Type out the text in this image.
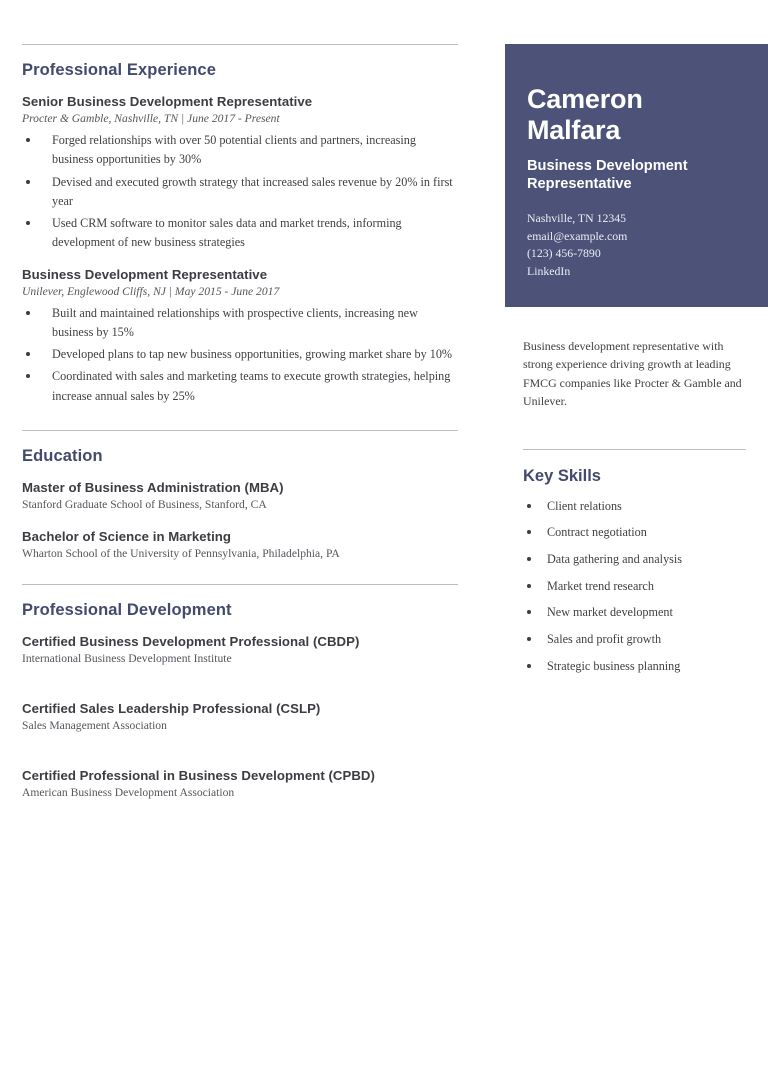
Professional Experience
Senior Business Development Representative
Procter & Gamble, Nashville, TN | June 2017 - Present
Forged relationships with over 50 potential clients and partners, increasing business opportunities by 30%
Devised and executed growth strategy that increased sales revenue by 20% in first year
Used CRM software to monitor sales data and market trends, informing development of new business strategies
Business Development Representative
Unilever, Englewood Cliffs, NJ | May 2015 - June 2017
Built and maintained relationships with prospective clients, increasing new business by 15%
Developed plans to tap new business opportunities, growing market share by 10%
Coordinated with sales and marketing teams to execute growth strategies, helping increase annual sales by 25%
Education
Master of Business Administration (MBA)
Stanford Graduate School of Business, Stanford, CA
Bachelor of Science in Marketing
Wharton School of the University of Pennsylvania, Philadelphia, PA
Professional Development
Certified Business Development Professional (CBDP)
International Business Development Institute
Certified Sales Leadership Professional (CSLP)
Sales Management Association
Certified Professional in Business Development (CPBD)
American Business Development Association
Cameron
Malfara
Business Development
Representative
Nashville, TN 12345
email@example.com
(123) 456-7890
LinkedIn

Business development representative with strong experience driving growth at leading FMCG companies like Procter & Gamble and Unilever.

Key Skills
Client relations
Contract negotiation
Data gathering and analysis
Market trend research
New market development
Sales and profit growth
Strategic business planning
